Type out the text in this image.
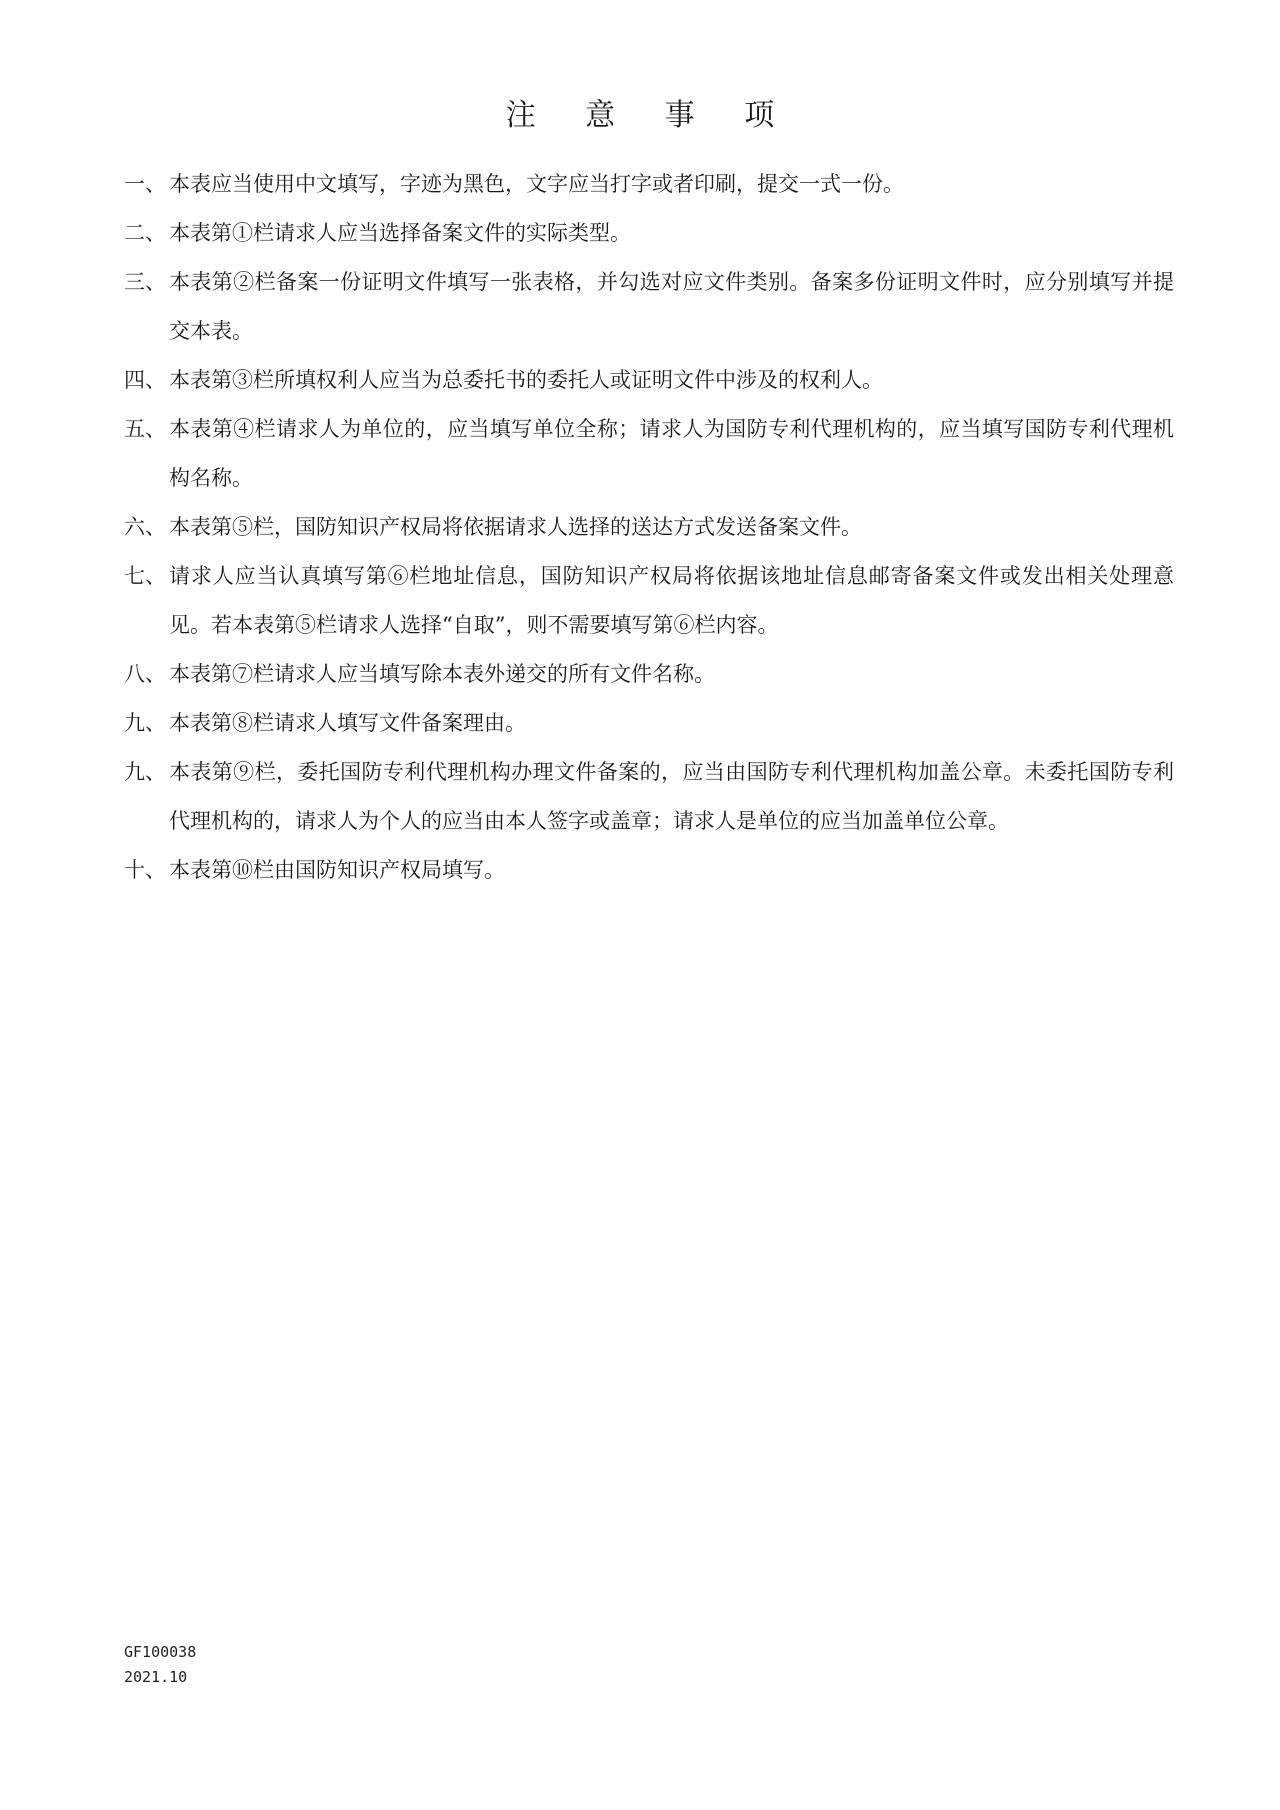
注 意 事 项
一、 本表应当使用中文填写，字迹为黑色，文字应当打字或者印刷，提交一式一份。
二、 本表第①栏请求人应当选择备案文件的实际类型。
三、 本表第②栏备案一份证明文件填写一张表格，并勾选对应文件类别。备案多份证明文件时，应分别填写并提交本表。
四、 本表第③栏所填权利人应当为总委托书的委托人或证明文件中涉及的权利人。
五、 本表第④栏请求人为单位的，应当填写单位全称；请求人为国防专利代理机构的，应当填写国防专利代理机构名称。
六、 本表第⑤栏，国防知识产权局将依据请求人选择的送达方式发送备案文件。
七、 请求人应当认真填写第⑥栏地址信息，国防知识产权局将依据该地址信息邮寄备案文件或发出相关处理意见。若本表第⑤栏请求人选择“自取”，则不需要填写第⑥栏内容。
八、 本表第⑦栏请求人应当填写除本表外递交的所有文件名称。
九、 本表第⑧栏请求人填写文件备案理由。
九、 本表第⑨栏，委托国防专利代理机构办理文件备案的，应当由国防专利代理机构加盖公章。未委托国防专利代理机构的，请求人为个人的应当由本人签字或盖章；请求人是单位的应当加盖单位公章。
十、 本表第⑩栏由国防知识产权局填写。
GF100038
2021.10
